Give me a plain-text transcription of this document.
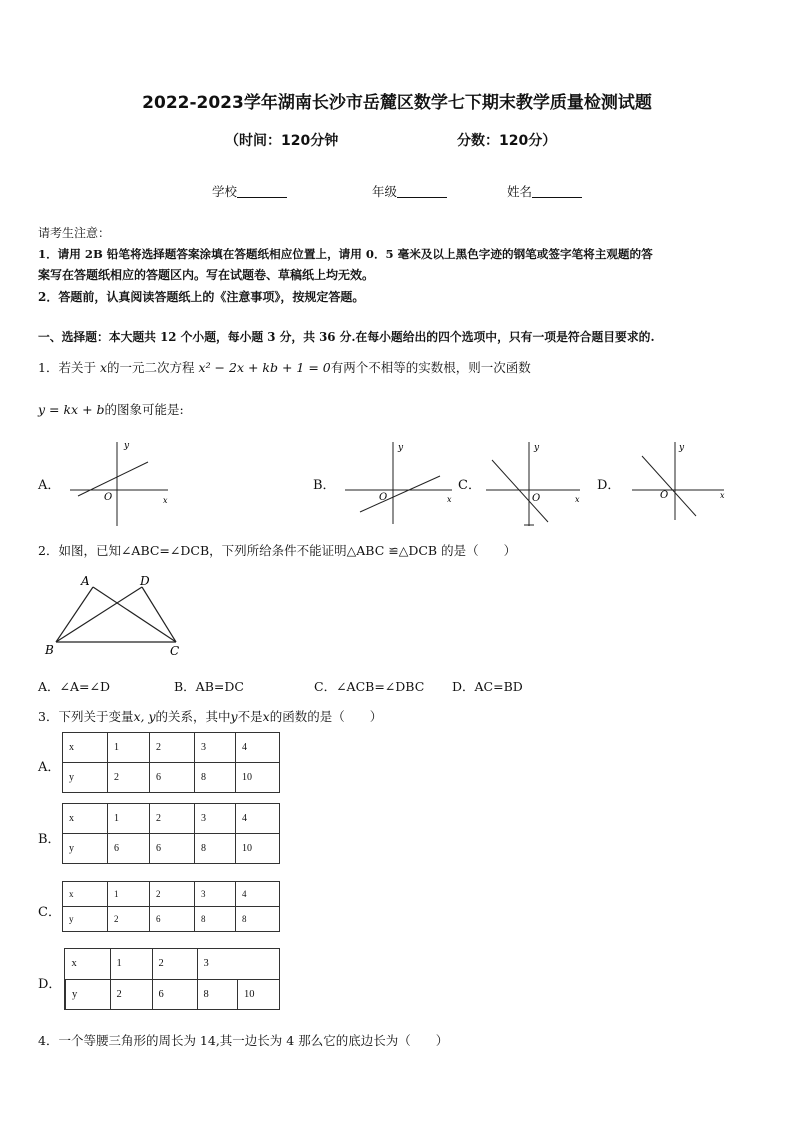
2022-2023学年湖南长沙市岳麓区数学七下期末教学质量检测试题
（时间：120分钟	分数：120分）
学校	年级	姓名
请考生注意：
1．请用 2B 铅笔将选择题答案涂填在答题纸相应位置上，请用 0．5 毫米及以上黑色字迹的钢笔或签字笔将主观题的答
案写在答题纸相应的答题区内。写在试题卷、草稿纸上均无效。
2．答题前，认真阅读答题纸上的《注意事项》，按规定答题。
一、选择题：本大题共 12 个小题，每小题 3 分，共 36 分.在每小题给出的四个选项中，只有一项是符合题目要求的.
1．若关于 x的一元二次方程 x² − 2x + kb + 1 = 0有两个不相等的实数根，则一次函数
y = kx + b的图象可能是:
A．
y
x
O
B．
y
x
O
C．
y
x
O
D．
y
x
O
2．如图，已知∠ABC=∠DCB，下列所给条件不能证明△ABC ≌△DCB 的是（　　）
A	D
B	C
A．∠A=∠D	B．AB=DC	C．∠ACB=∠DBC D．AC=BD
3．下列关于变量x, y的关系，其中y不是x的函数的是（　　）
A．
x	1	2	3	4
y	2	6	8	10
B．
x	1	2	3	4
y	6	6	8	10
C．
x	1	2	3	4
y	2	6	8	8
D．
x	1	2	3	
y	2	6	8	10
4．一个等腰三角形的周长为 14,其一边长为 4 那么它的底边长为（　　）
